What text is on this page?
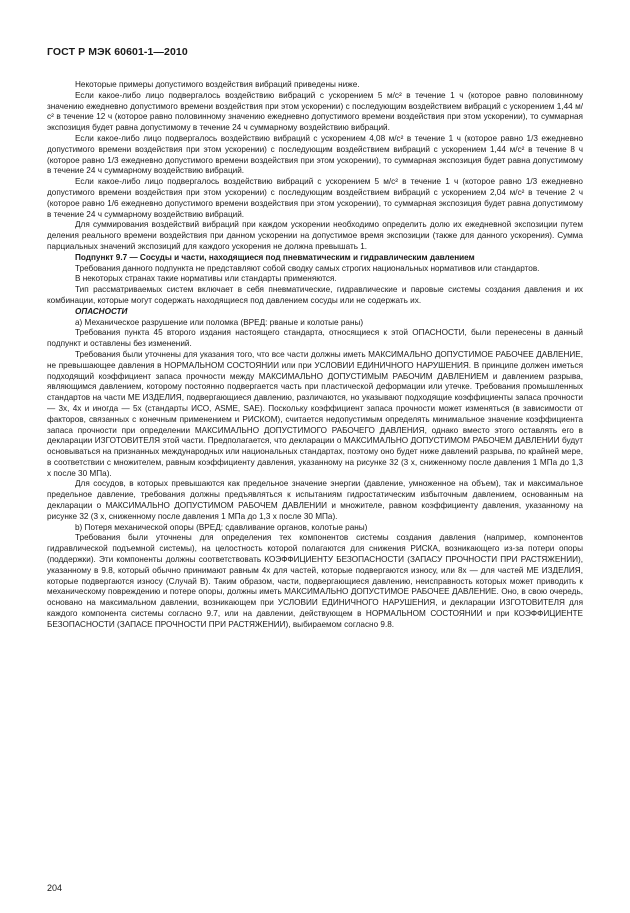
ГОСТ Р МЭК 60601-1—2010

Некоторые примеры допустимого воздействия вибраций приведены ниже.

Если какое-либо лицо подвергалось воздействию вибраций с ускорением 5 м/с² в течение 1 ч (которое равно половинному значению ежедневно допустимого времени воздействия при этом ускорении) с последующим воздействием вибраций с ускорением 1,44 м/с² в течение 12 ч (которое равно половинному значению ежедневно допустимого времени воздействия при этом ускорении), то суммарная экспозиция будет равна допустимому в течение 24 ч суммарному воздействию вибраций.

Если какое-либо лицо подвергалось воздействию вибраций с ускорением 4,08 м/с² в течение 1 ч (которое равно 1/3 ежедневно допустимого времени воздействия при этом ускорении) с последующим воздействием вибраций с ускорением 1,44 м/с² в течение 8 ч (которое равно 1/3 ежедневно допустимого времени воздействия при этом ускорении), то суммарная экспозиция будет равна допустимому в течение 24 ч суммарному воздействию вибраций.

Если какое-либо лицо подвергалось воздействию вибраций с ускорением 5 м/с² в течение 1 ч (которое равно 1/3 ежедневно допустимого времени воздействия при этом ускорении) с последующим воздействием вибраций с ускорением 2,04 м/с² в течение 2 ч (которое равно 1/6 ежедневно допустимого времени воздействия при этом ускорении), то суммарная экспозиция будет равна допустимому в течение 24 ч суммарному воздействию вибраций.

Для суммирования воздействий вибраций при каждом ускорении необходимо определить долю их ежедневной экспозиции путем деления реального времени воздействия при данном ускорении на допустимое время экспозиции (также для данного ускорения). Сумма парциальных значений экспозиций для каждого ускорения не должна превышать 1.

Подпункт 9.7 — Сосуды и части, находящиеся под пневматическим и гидравлическим давлением

Требования данного подпункта не представляют собой сводку самых строгих национальных нормативов или стандартов.

В некоторых странах такие нормативы или стандарты применяются.

Тип рассматриваемых систем включает в себя пневматические, гидравлические и паровые системы создания давления и их комбинации, которые могут содержать находящиеся под давлением сосуды или не содержать их.

ОПАСНОСТИ

a) Механическое разрушение или поломка (ВРЕД: рваные и колотые раны)

Требования пункта 45 второго издания настоящего стандарта, относящиеся к этой ОПАСНОСТИ, были перенесены в данный подпункт и оставлены без изменений.

Требования были уточнены для указания того, что все части должны иметь МАКСИМАЛЬНО ДОПУСТИМОЕ РАБОЧЕЕ ДАВЛЕНИЕ, не превышающее давления в НОРМАЛЬНОМ СОСТОЯНИИ или при УСЛОВИИ ЕДИНИЧНОГО НАРУШЕНИЯ. В принципе должен иметься подходящий коэффициент запаса прочности между МАКСИМАЛЬНО ДОПУСТИМЫМ РАБОЧИМ ДАВЛЕНИЕМ и давлением разрыва, являющимся давлением, которому постоянно подвергается часть при пластической деформации или утечке. Требования промышленных стандартов на части МЕ ИЗДЕЛИЯ, подвергающиеся давлению, различаются, но указывают подходящие коэффициенты запаса прочности — 3х, 4х и иногда — 5х (стандарты ИСО, ASME, SAE). Поскольку коэффициент запаса прочности может изменяться (в зависимости от факторов, связанных с конечным применением и РИСКОМ), считается недопустимым определять минимальное значение коэффициента запаса прочности при определении МАКСИМАЛЬНО ДОПУСТИМОГО РАБОЧЕГО ДАВЛЕНИЯ, однако вместо этого оставлять его в декларации ИЗГОТОВИТЕЛЯ этой части. Предполагается, что декларации о МАКСИМАЛЬНО ДОПУСТИМОМ РАБОЧЕМ ДАВЛЕНИИ будут основываться на признанных международных или национальных стандартах, поэтому оно будет ниже давлений разрыва, по крайней мере, в соответствии с множителем, равным коэффициенту давления, указанному на рисунке 32 (3 х, сниженному после давления 1 МПа до 1,3 х после 30 МПа).

Для сосудов, в которых превышаются как предельное значение энергии (давление, умноженное на объем), так и максимальное предельное давление, требования должны предъявляться к испытаниям гидростатическим избыточным давлением, основанным на декларации о МАКСИМАЛЬНО ДОПУСТИМОМ РАБОЧЕМ ДАВЛЕНИИ и множителе, равном коэффициенту давления, указанному на рисунке 32 (3 х, сниженному после давления 1 МПа до 1,3 х после 30 МПа).

b) Потеря механической опоры (ВРЕД: сдавливание органов, колотые раны)

Требования были уточнены для определения тех компонентов системы создания давления (например, компонентов гидравлической подъемной системы), на целостность которой полагаются для снижения РИСКА, возникающего из-за потери опоры (поддержки). Эти компоненты должны соответствовать КОЭФФИЦИЕНТУ БЕЗОПАСНОСТИ (ЗАПАСУ ПРОЧНОСТИ ПРИ РАСТЯЖЕНИИ), указанному в 9.8, который обычно принимают равным 4х для частей, которые подвергаются износу, или 8х — для частей МЕ ИЗДЕЛИЯ, которые подвергаются износу (Случай В). Таким образом, части, подвергающиеся давлению, неисправность которых может приводить к механическому повреждению и потере опоры, должны иметь МАКСИМАЛЬНО ДОПУСТИМОЕ РАБОЧЕЕ ДАВЛЕНИЕ. Оно, в свою очередь, основано на максимальном давлении, возникающем при УСЛОВИИ ЕДИНИЧНОГО НАРУШЕНИЯ, и декларации ИЗГОТОВИТЕЛЯ для каждого компонента системы согласно 9.7, или на давлении, действующем в НОРМАЛЬНОМ СОСТОЯНИИ и при КОЭФФИЦИЕНТЕ БЕЗОПАСНОСТИ (ЗАПАСЕ ПРОЧНОСТИ ПРИ РАСТЯЖЕНИИ), выбираемом согласно 9.8.

204
